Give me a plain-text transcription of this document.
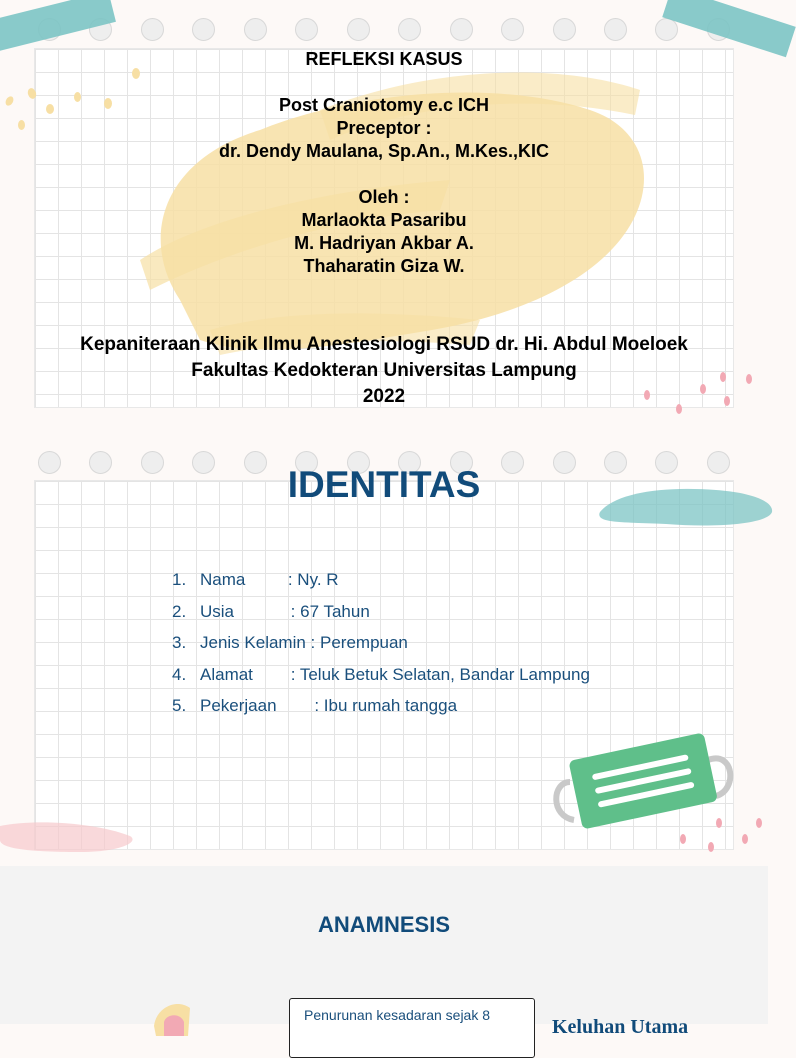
REFLEKSI KASUS
Post Craniotomy e.c ICH
Preceptor :
dr. Dendy Maulana, Sp.An., M.Kes.,KIC
Oleh :
Marlaokta Pasaribu
M. Hadriyan Akbar A.
Thaharatin Giza W.
Kepaniteraan Klinik Ilmu Anestesiologi RSUD dr. Hi. Abdul Moeloek
Fakultas Kedokteran Universitas Lampung
2022
IDENTITAS
1. Nama         : Ny. R
2. Usia            : 67 Tahun
3. Jenis Kelamin : Perempuan
4. Alamat        : Teluk Betuk Selatan, Bandar Lampung
5. Pekerjaan        : Ibu rumah tangga
ANAMNESIS
Penurunan kesadaran sejak 8
Keluhan Utama
